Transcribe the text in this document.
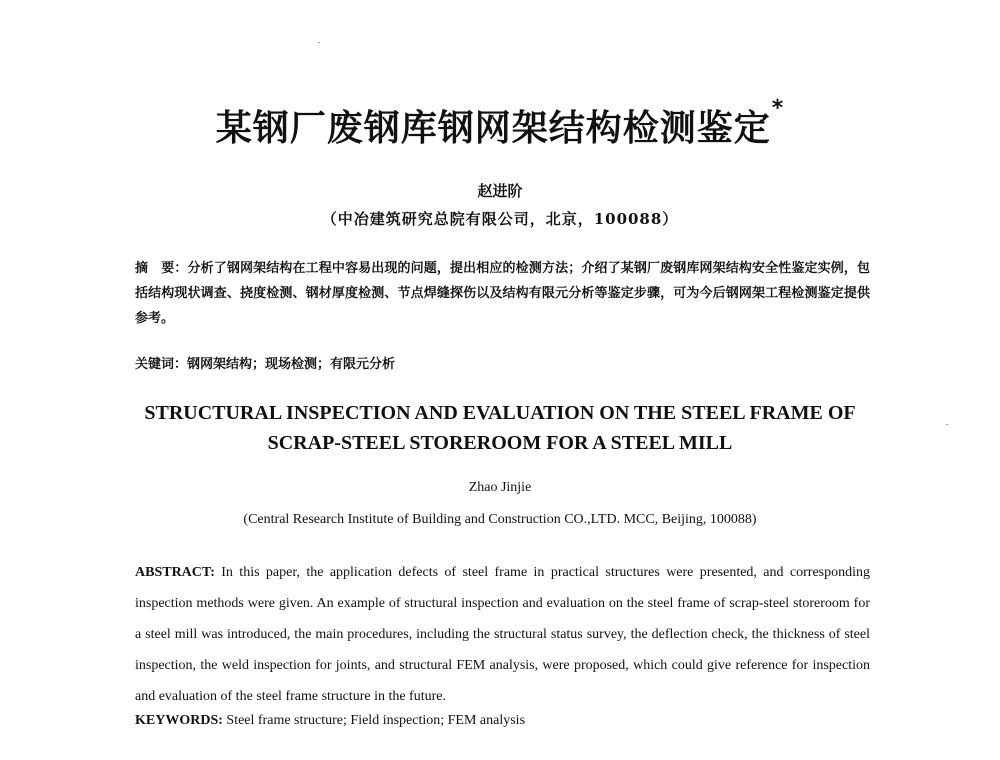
某钢厂废钢库钢网架结构检测鉴定*
赵进阶
（中冶建筑研究总院有限公司，北京，100088）
摘　要：分析了钢网架结构在工程中容易出现的问题，提出相应的检测方法；介绍了某钢厂废钢库网架结构安全性鉴定实例，包括结构现状调查、挠度检测、钢材厚度检测、节点焊缝探伤以及结构有限元分析等鉴定步骤，可为今后钢网架工程检测鉴定提供参考。
关键词：钢网架结构；现场检测；有限元分析
STRUCTURAL INSPECTION AND EVALUATION ON THE STEEL FRAME OF
SCRAP-STEEL STOREROOM FOR A STEEL MILL
Zhao Jinjie
(Central Research Institute of Building and Construction CO.,LTD. MCC, Beijing, 100088)
ABSTRACT: In this paper, the application defects of steel frame in practical structures were presented, and corresponding inspection methods were given. An example of structural inspection and evaluation on the steel frame of scrap-steel storeroom for a steel mill was introduced, the main procedures, including the structural status survey, the deflection check, the thickness of steel inspection, the weld inspection for joints, and structural FEM analysis, were proposed, which could give reference for inspection and evaluation of the steel frame structure in the future.
KEYWORDS: Steel frame structure; Field inspection; FEM analysis
